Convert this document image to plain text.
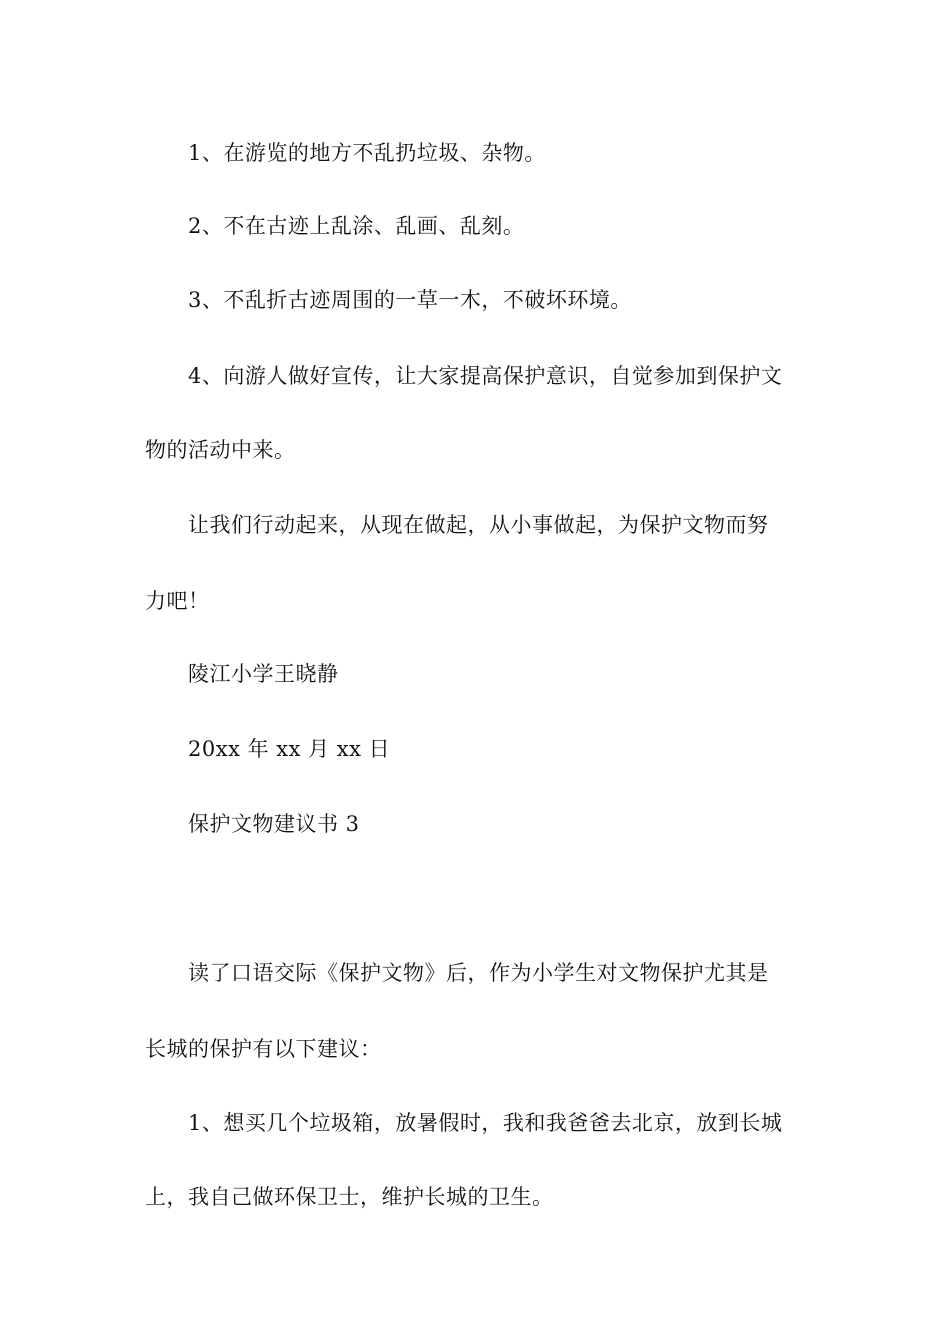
1、在游览的地方不乱扔垃圾、杂物。

2、不在古迹上乱涂、乱画、乱刻。

3、不乱折古迹周围的一草一木，不破坏环境。

4、向游人做好宣传，让大家提高保护意识，自觉参加到保护文

物的活动中来。

让我们行动起来，从现在做起，从小事做起，为保护文物而努

力吧！

陵江小学王晓静

20xx 年 xx 月 xx 日

保护文物建议书 3

读了口语交际《保护文物》后，作为小学生对文物保护尤其是

长城的保护有以下建议：

1、想买几个垃圾箱，放暑假时，我和我爸爸去北京，放到长城

上，我自己做环保卫士，维护长城的卫生。
